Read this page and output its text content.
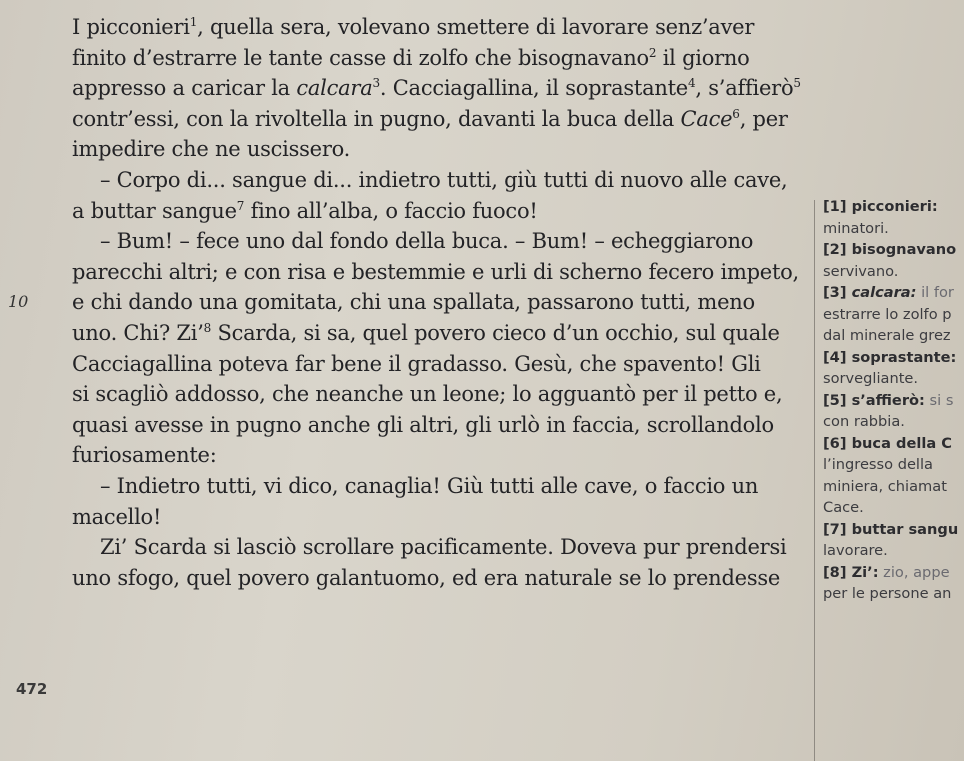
I picconieri$^1$, quella sera, volevano smettere di lavorare senz’aver

finito d’estrarre le tante casse di zolfo che bisognavano$^2$ il giorno

appresso a caricar la calcara$^3$. Cacciagallina, il soprastante$^4$, s’affierò$^5$

contr’essi, con la rivoltella in pugno, davanti la buca della Cace$^6$, per

impedire che ne uscissero.

– Corpo di... sangue di... indietro tutti, giù tutti di nuovo alle cave,

a buttar sangue$^7$ fino all’alba, o faccio fuoco!

– Bum! – fece uno dal fondo della buca. – Bum! – echeggiarono

parecchi altri; e con risa e bestemmie e urli di scherno fecero impeto,

e chi dando una gomitata, chi una spallata, passarono tutti, meno

uno. Chi? Zi’$^8$ Scarda, si sa, quel povero cieco d’un occhio, sul quale

Cacciagallina poteva far bene il gradasso. Gesù, che spavento! Gli

si scagliò addosso, che neanche un leone; lo agguantò per il petto e,

quasi avesse in pugno anche gli altri, gli urlò in faccia, scrollandolo

furiosamente:

– Indietro tutti, vi dico, canaglia! Giù tutti alle cave, o faccio un

macello!

Zi’ Scarda si lasciò scrollare pacificamente. Doveva pur prendersi

uno sfogo, quel povero galantuomo, ed era naturale se lo prendesse

10
472

[1] picconieri:

minatori.

[2] bisognavano

servivano.

[3] calcara: il for

estrarre lo zolfo p

dal minerale grez

[4] soprastante:

sorvegliante.

[5] s’affierò: si s

con rabbia.

[6] buca della C

l’ingresso della

miniera, chiamat

Cace.

[7] buttar sangu

lavorare.

[8] Zi’: zio, appe

per le persone an
